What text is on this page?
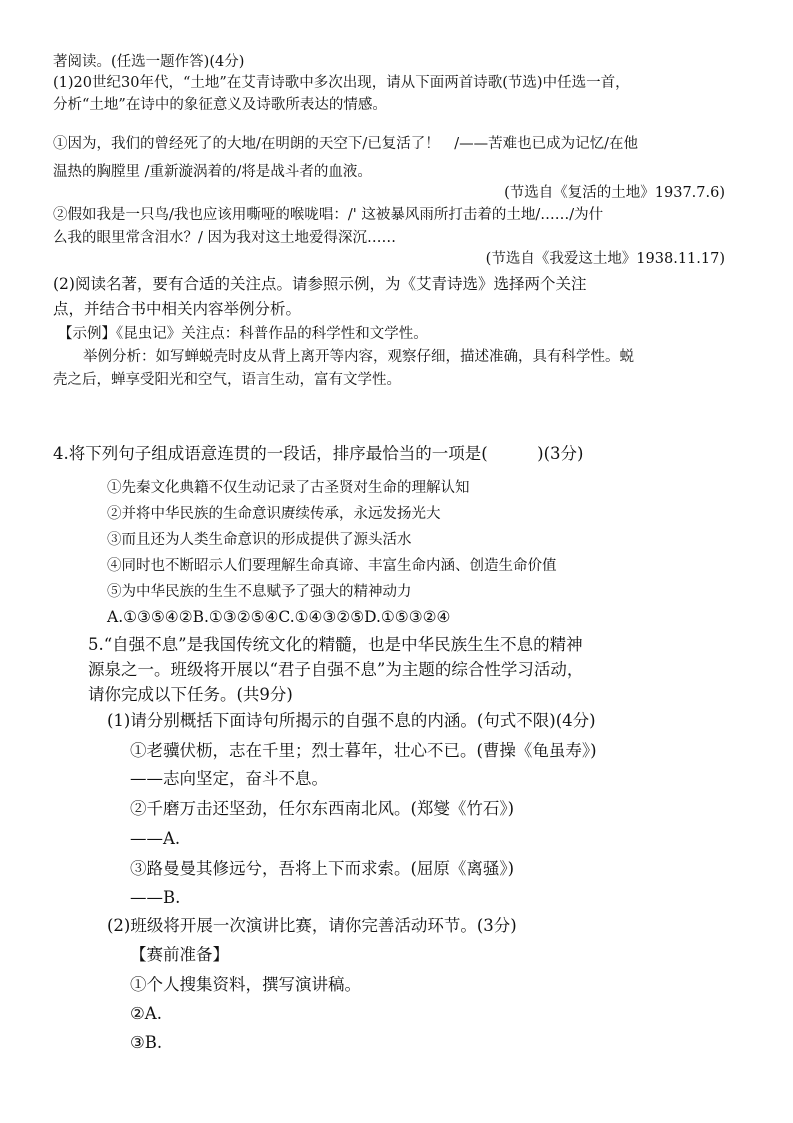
著阅读。(任选一题作答)(4分)
(1)20世纪30年代，“土地”在艾青诗歌中多次出现，请从下面两首诗歌(节选)中任选一首，
分析“土地”在诗中的象征意义及诗歌所表达的情感。
①因为，我们的曾经死了的大地/在明朗的天空下/已复活了！　/——苦难也已成为记忆/在他
温热的胸膛里 /重新漩涡着的/将是战斗者的血液。
(节选自《复活的土地》1937.7.6)
②假如我是一只鸟/我也应该用嘶哑的喉咙唱：/' 这被暴风雨所打击着的土地/……/为什
么我的眼里常含泪水？/ 因为我对这土地爱得深沉……
(节选自《我爱这土地》1938.11.17)
(2)阅读名著，要有合适的关注点。请参照示例，为《艾青诗选》选择两个关注
点，并结合书中相关内容举例分析。
【示例】《昆虫记》关注点：科普作品的科学性和文学性。
举例分析：如写蝉蜕壳时皮从背上离开等内容，观察仔细，描述准确，具有科学性。蜕
壳之后，蝉享受阳光和空气，语言生动，富有文学性。
4.将下列句子组成语意连贯的一段话，排序最恰当的一项是(　　　)(3分)
①先秦文化典籍不仅生动记录了古圣贤对生命的理解认知
②并将中华民族的生命意识赓续传承，永远发扬光大
③而且还为人类生命意识的形成提供了源头活水
④同时也不断昭示人们要理解生命真谛、丰富生命内涵、创造生命价值
⑤为中华民族的生生不息赋予了强大的精神动力
A.①③⑤④②B.①③②⑤④C.①④③②⑤D.①⑤③②④
5.“自强不息”是我国传统文化的精髓，也是中华民族生生不息的精神
源泉之一。班级将开展以“君子自强不息”为主题的综合性学习活动，
请你完成以下任务。(共9分)
(1)请分别概括下面诗句所揭示的自强不息的内涵。(句式不限)(4分)
①老骥伏枥，志在千里；烈士暮年，壮心不已。(曹操《龟虽寿》)
——志向坚定，奋斗不息。
②千磨万击还坚劲，任尔东西南北风。(郑燮《竹石》)
——A.
③路曼曼其修远兮，吾将上下而求索。(屈原《离骚》)
——B.
(2)班级将开展一次演讲比赛，请你完善活动环节。(3分)
【赛前准备】
①个人搜集资料，撰写演讲稿。
②A.
③B.
